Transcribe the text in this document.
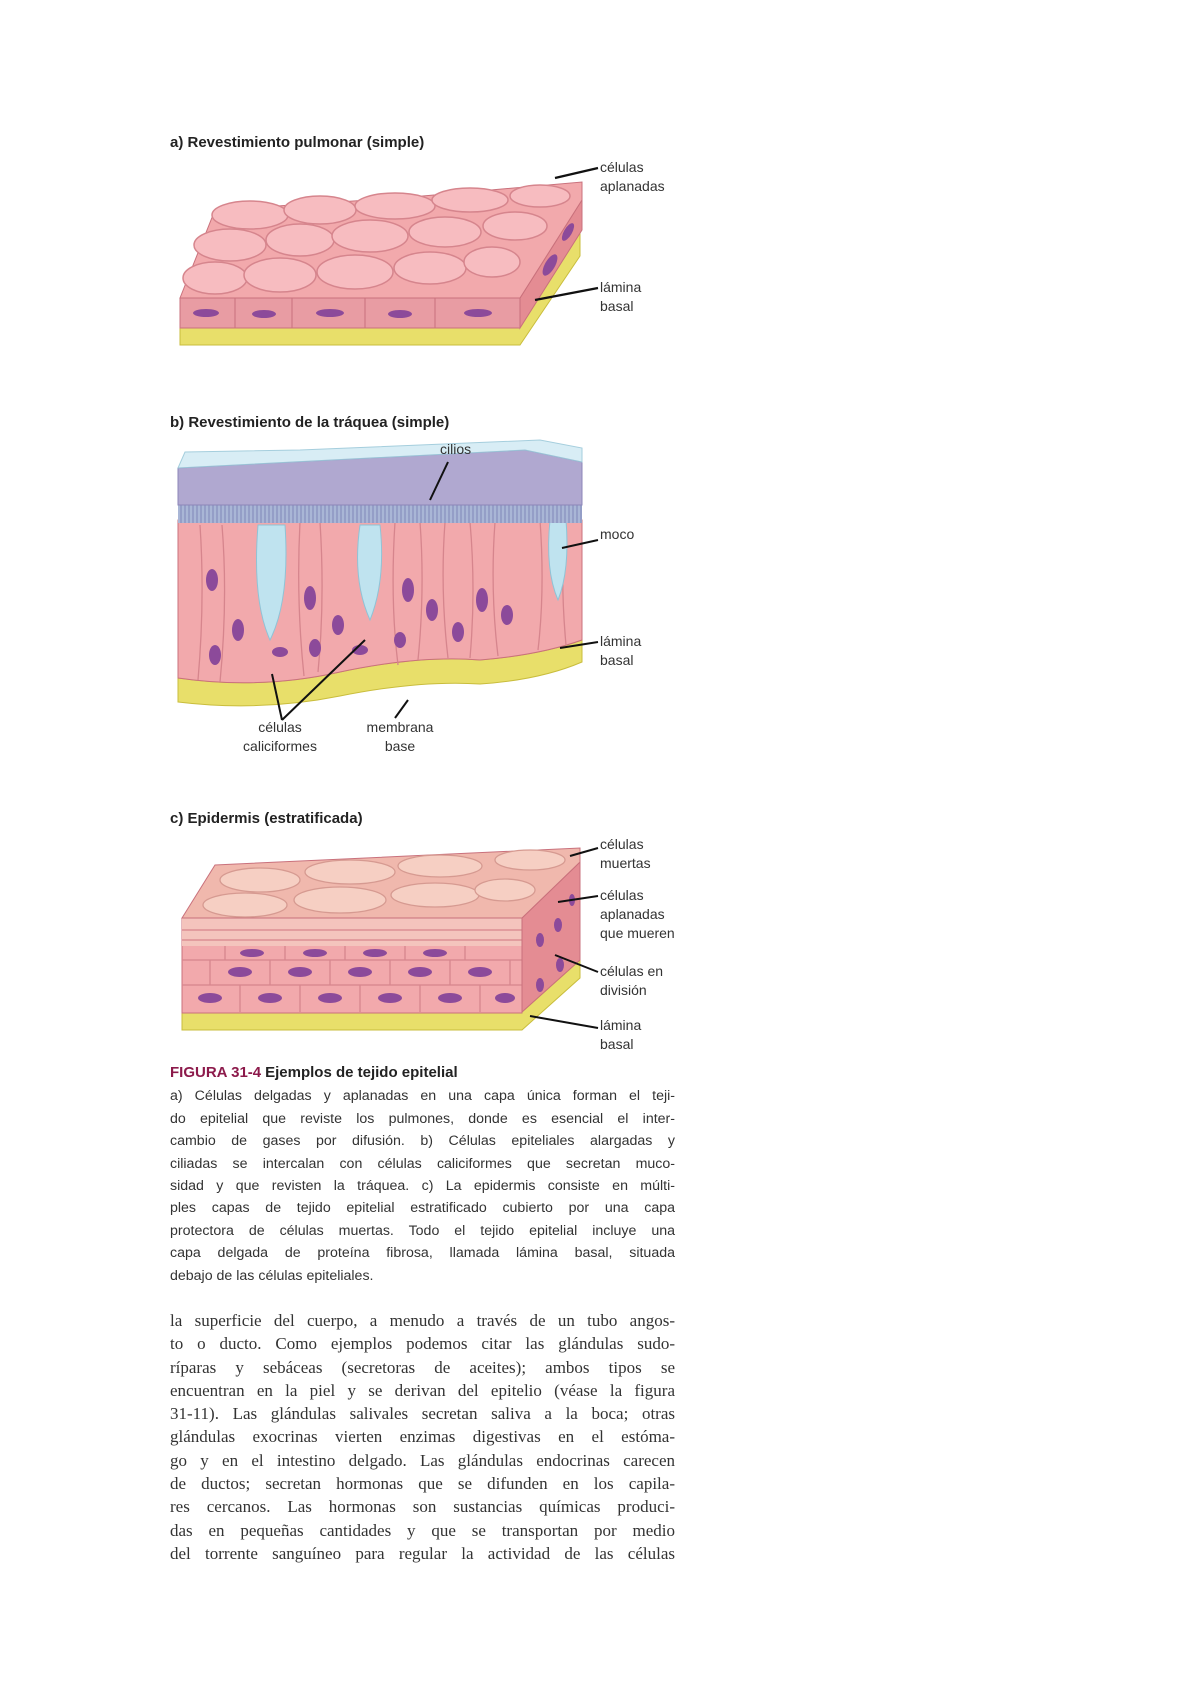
a) Revestimiento pulmonar (simple)
b) Revestimiento de la tráquea (simple)
c) Epidermis (estratificada)
células
aplanadas
lámina
basal
cilios
moco
lámina
basal
células
caliciformes
membrana
base
células
muertas
células
aplanadas
que mueren
células en
división
lámina
basal
FIGURA 31-4 Ejemplos de tejido epitelial
a) Células delgadas y aplanadas en una capa única forman el teji-
do epitelial que reviste los pulmones, donde es esencial el inter-
cambio de gases por difusión. b) Células epiteliales alargadas y
ciliadas se intercalan con células caliciformes que secretan muco-
sidad y que revisten la tráquea. c) La epidermis consiste en múlti-
ples capas de tejido epitelial estratificado cubierto por una capa
protectora de células muertas. Todo el tejido epitelial incluye una
capa delgada de proteína fibrosa, llamada lámina basal, situada
debajo de las células epiteliales.
la superficie del cuerpo, a menudo a través de un tubo angos-
to o ducto. Como ejemplos podemos citar las glándulas sudo-
ríparas y sebáceas (secretoras de aceites); ambos tipos se
encuentran en la piel y se derivan del epitelio (véase la figura
31-11). Las glándulas salivales secretan saliva a la boca; otras
glándulas exocrinas vierten enzimas digestivas en el estóma-
go y en el intestino delgado. Las glándulas endocrinas carecen
de ductos; secretan hormonas que se difunden en los capila-
res cercanos. Las hormonas son sustancias químicas produci-
das en pequeñas cantidades y que se transportan por medio
del torrente sanguíneo para regular la actividad de las células
